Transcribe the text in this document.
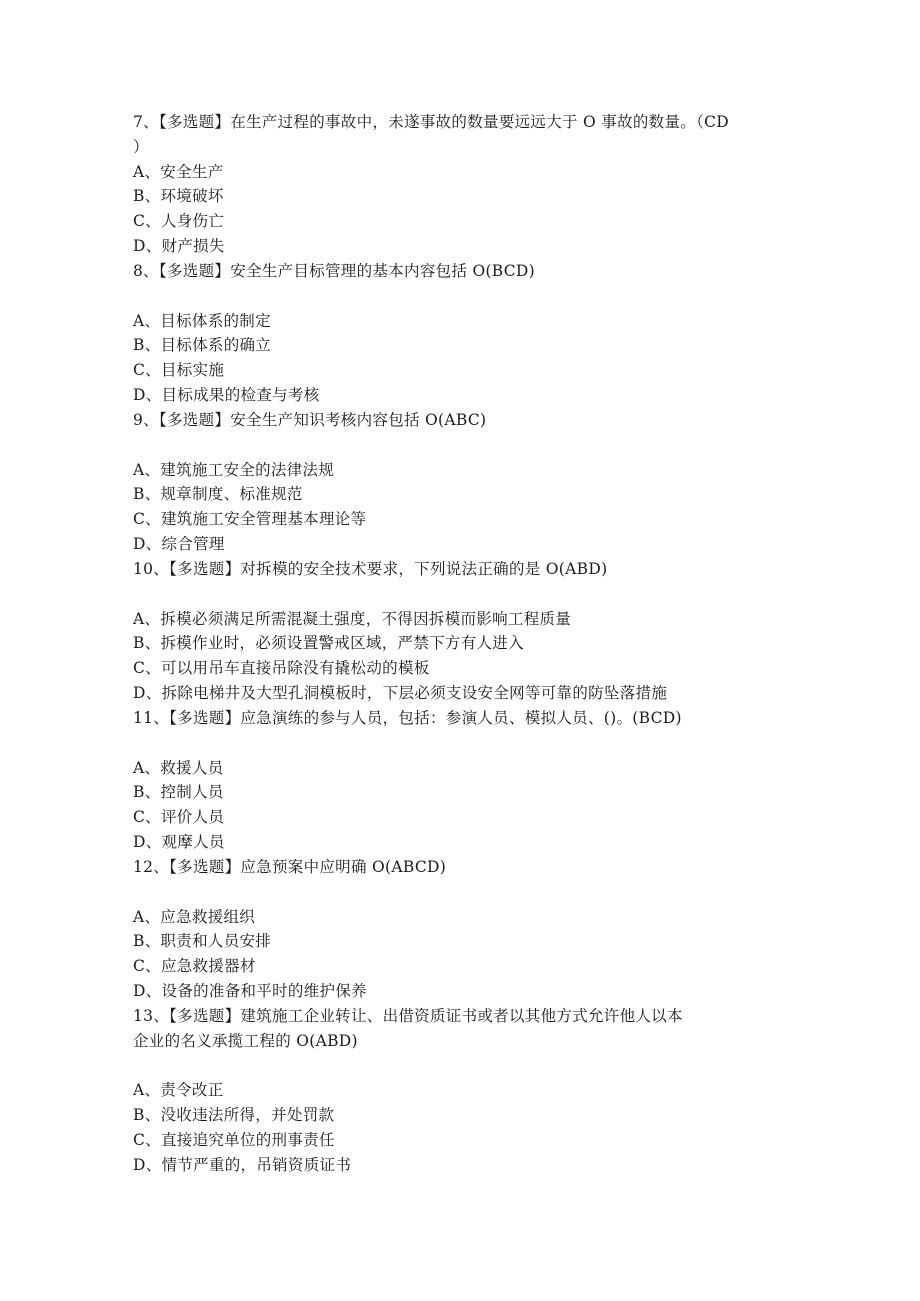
7、【多选题】在生产过程的事故中，未遂事故的数量要远远大于 O 事故的数量。（CD
）
A、安全生产
B、环境破坏
C、人身伤亡
D、财产损失
8、【多选题】安全生产目标管理的基本内容包括 O(BCD)
A、目标体系的制定
B、目标体系的确立
C、目标实施
D、目标成果的检查与考核
9、【多选题】安全生产知识考核内容包括 O(ABC)
A、建筑施工安全的法律法规
B、规章制度、标准规范
C、建筑施工安全管理基本理论等
D、综合管理
10、【多选题】对拆模的安全技术要求，下列说法正确的是 O(ABD)
A、拆模必须满足所需混凝土强度，不得因拆模而影响工程质量
B、拆模作业时，必须设置警戒区域，严禁下方有人进入
C、可以用吊车直接吊除没有撬松动的模板
D、拆除电梯井及大型孔洞模板时，下层必须支设安全网等可靠的防坠落措施
11、【多选题】应急演练的参与人员，包括：参演人员、模拟人员、()。(BCD)
A、救援人员
B、控制人员
C、评价人员
D、观摩人员
12、【多选题】应急预案中应明确 O(ABCD)
A、应急救援组织
B、职责和人员安排
C、应急救援器材
D、设备的准备和平时的维护保养
13、【多选题】建筑施工企业转让、出借资质证书或者以其他方式允许他人以本
企业的名义承揽工程的 O(ABD)
A、责令改正
B、没收违法所得，并处罚款
C、直接追究单位的刑事责任
D、情节严重的，吊销资质证书
